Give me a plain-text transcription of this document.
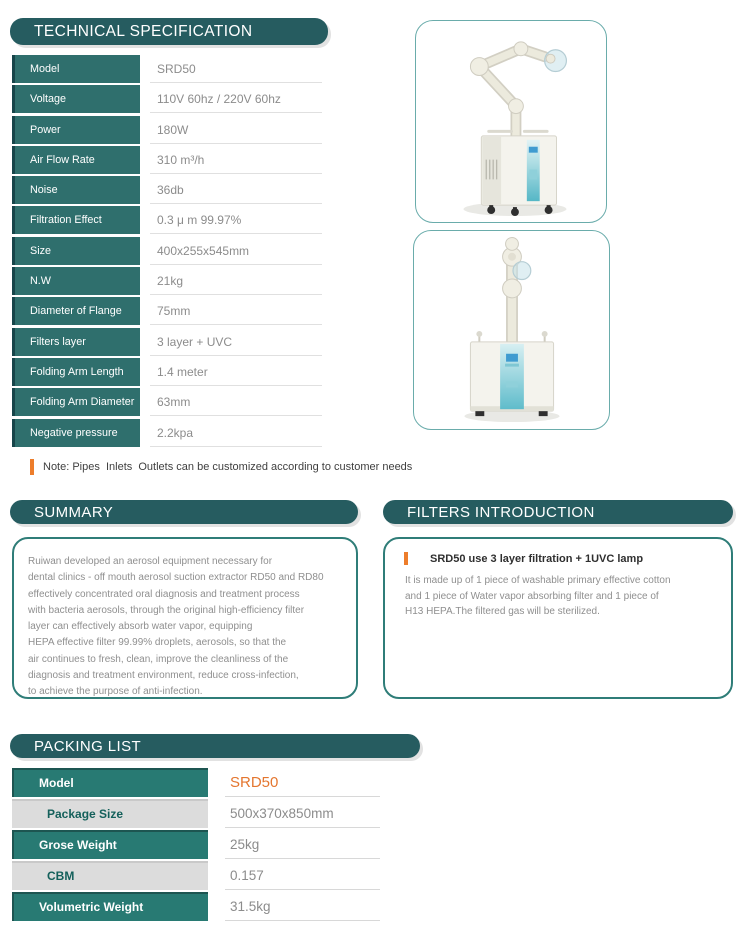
TECHNICAL SPECIFICATION
Model	SRD50
Voltage	110V 60hz / 220V 60hz
Power	180W
Air Flow Rate	310 m³/h
Noise	36db
Filtration Effect	0.3 μ m 99.97%
Size	400x255x545mm
N.W	21kg
Diameter of Flange	75mm
Filters layer	3 layer + UVC
Folding Arm Length	1.4 meter
Folding Arm Diameter	63mm
Negative pressure	2.2kpa
Note: Pipes  Inlets  Outlets can be customized according to customer needs
SUMMARY
Ruiwan developed an aerosol equipment necessary for
dental clinics - off mouth aerosol suction extractor RD50 and RD80
effectively concentrated oral diagnosis and treatment process
with bacteria aerosols, through the original high-efficiency filter
layer can effectively absorb water vapor, equipping
HEPA effective filter 99.99% droplets, aerosols, so that the
air continues to fresh, clean, improve the cleanliness of the
diagnosis and treatment environment, reduce cross-infection,
to achieve the purpose of anti-infection.
FILTERS INTRODUCTION
SRD50 use 3 layer filtration + 1UVC lamp
It is made up of 1 piece of washable primary effective cotton
and 1 piece of Water vapor absorbing filter and 1 piece of
H13 HEPA.The filtered gas will be sterilized.
PACKING LIST
Model	SRD50
Package Size	500x370x850mm
Grose Weight	25kg
CBM	0.157
Volumetric Weight	31.5kg
